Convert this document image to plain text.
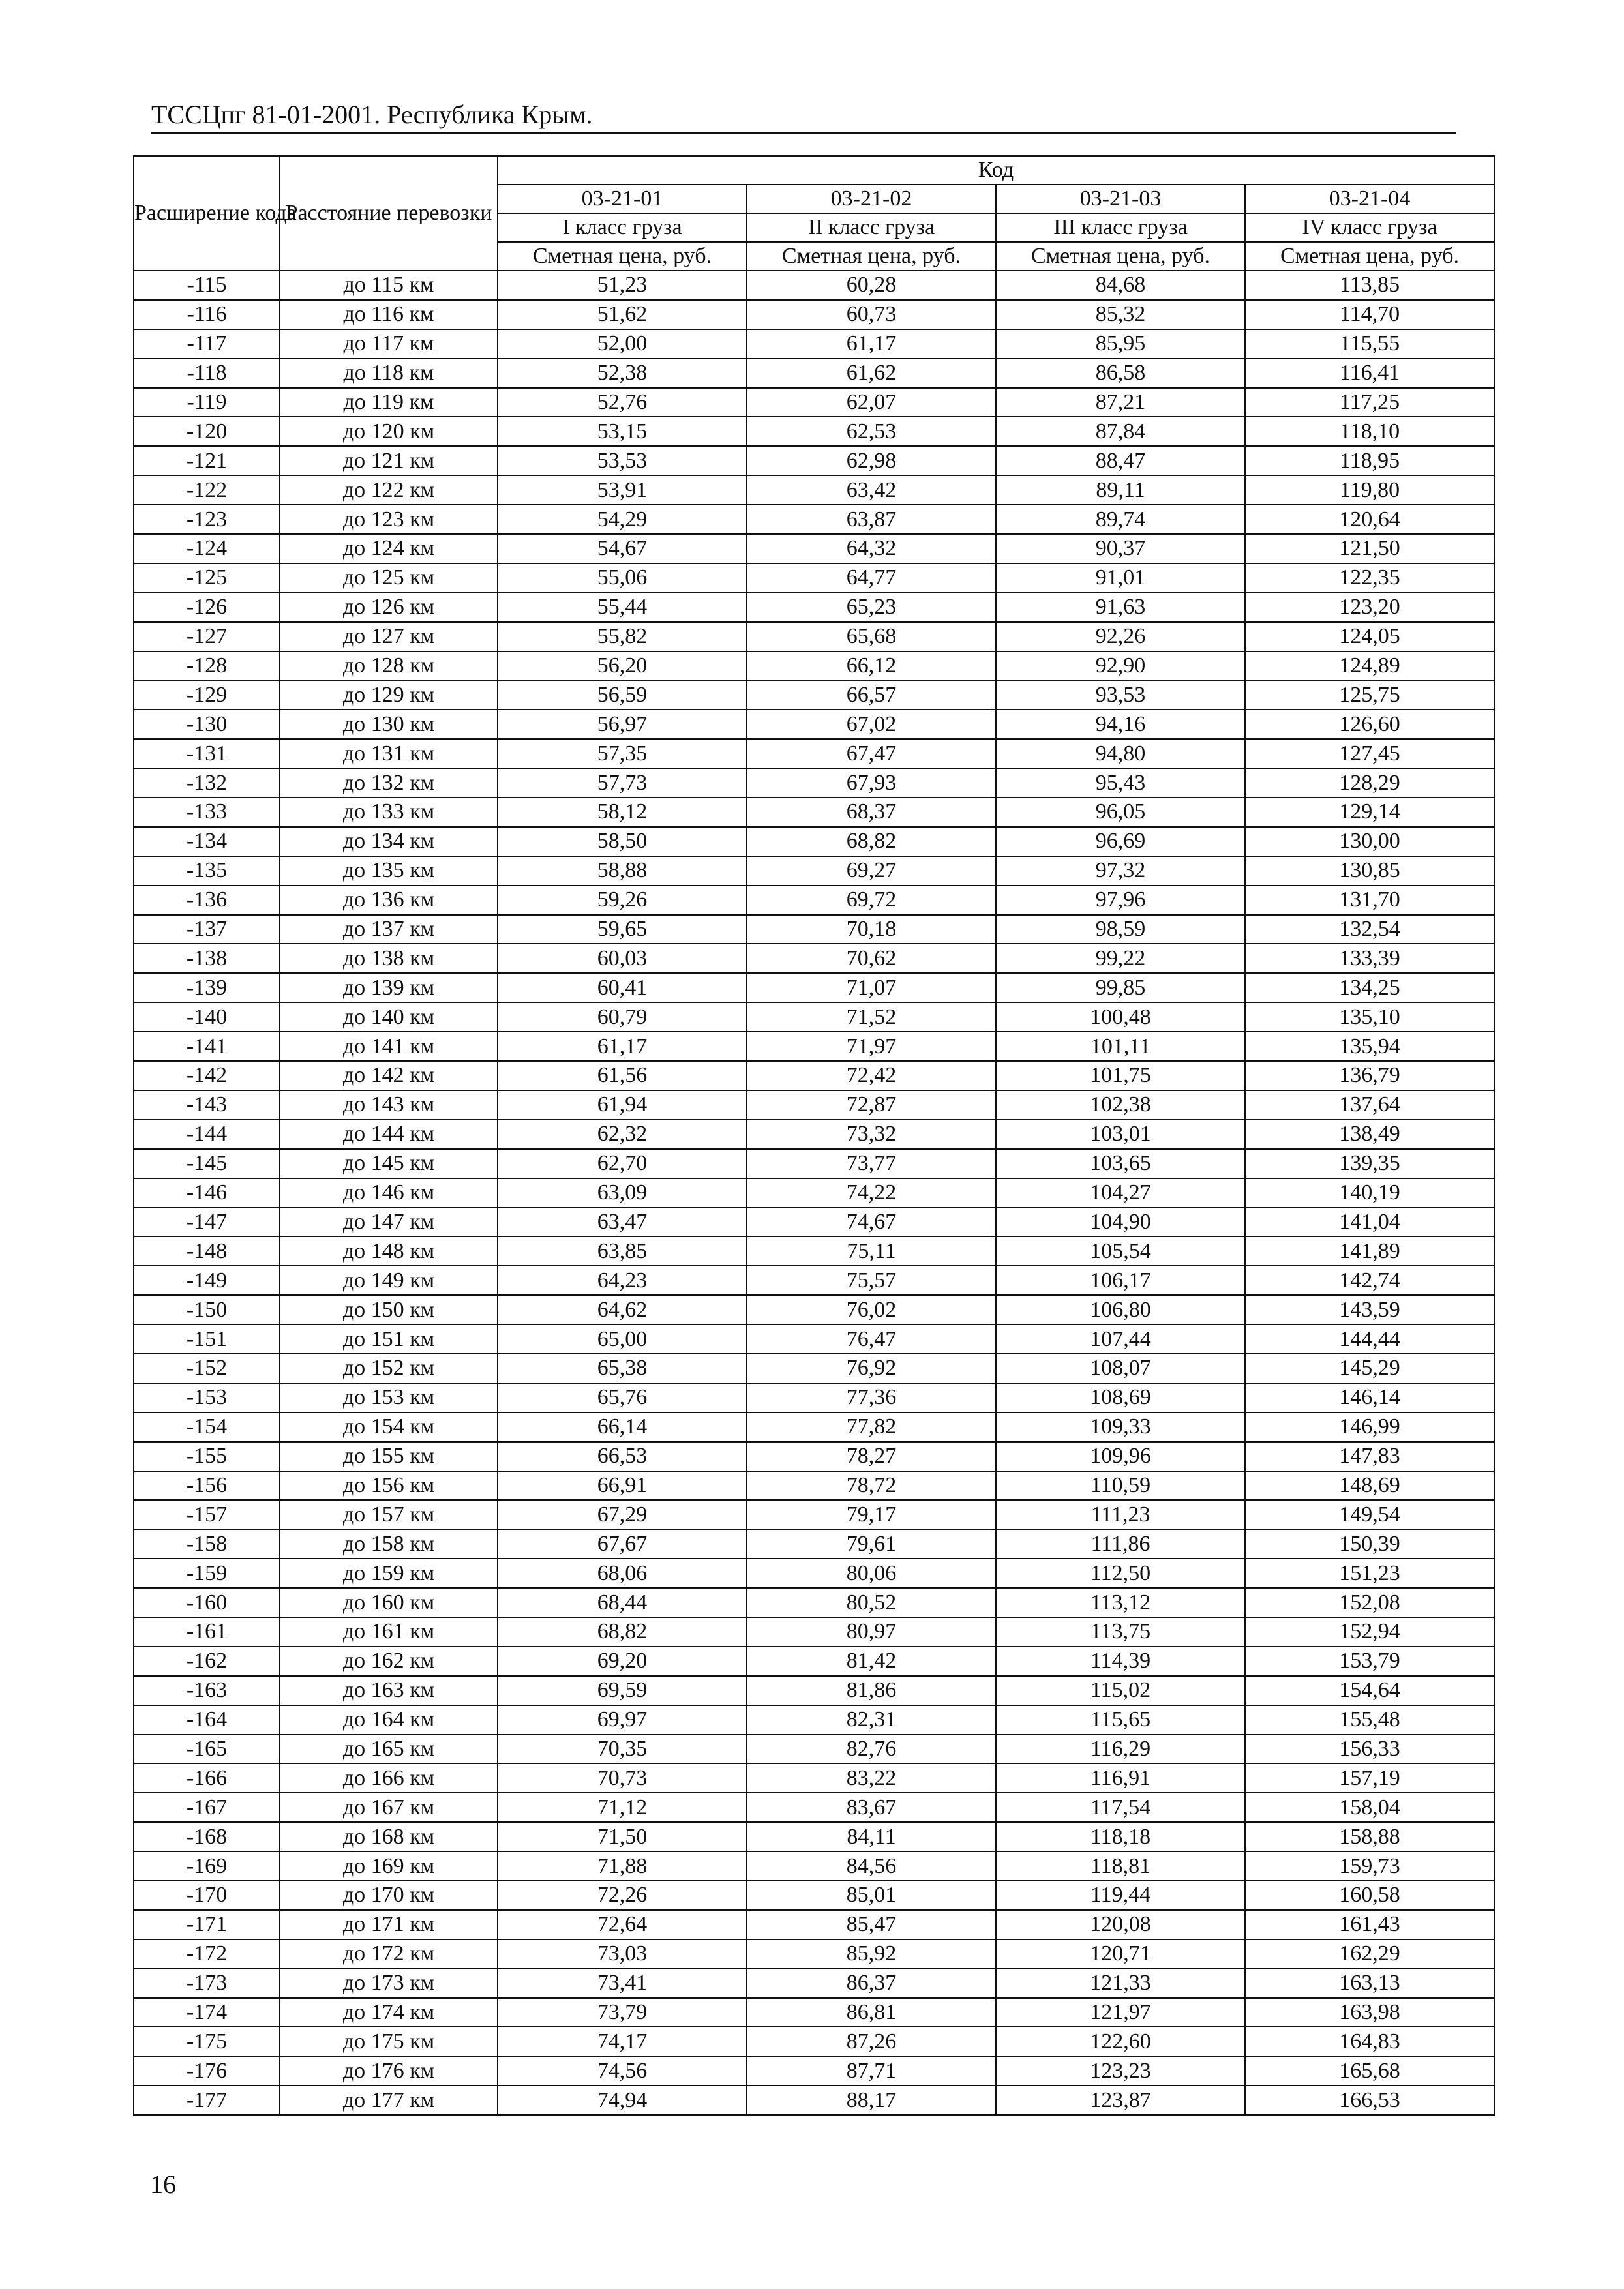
ТССЦпг 81-01-2001. Республика Крым.
Расширение кода	Расстояние перевозки	Код			
		03-21-01	03-21-02	03-21-03	03-21-04
		I класс груза	II класс груза	III класс груза	IV класс груза
		Сметная цена, руб.	Сметная цена, руб.	Сметная цена, руб.	Сметная цена, руб.
-115	до 115 км	51,23	60,28	84,68	113,85
-116	до 116 км	51,62	60,73	85,32	114,70
-117	до 117 км	52,00	61,17	85,95	115,55
-118	до 118 км	52,38	61,62	86,58	116,41
-119	до 119 км	52,76	62,07	87,21	117,25
-120	до 120 км	53,15	62,53	87,84	118,10
-121	до 121 км	53,53	62,98	88,47	118,95
-122	до 122 км	53,91	63,42	89,11	119,80
-123	до 123 км	54,29	63,87	89,74	120,64
-124	до 124 км	54,67	64,32	90,37	121,50
-125	до 125 км	55,06	64,77	91,01	122,35
-126	до 126 км	55,44	65,23	91,63	123,20
-127	до 127 км	55,82	65,68	92,26	124,05
-128	до 128 км	56,20	66,12	92,90	124,89
-129	до 129 км	56,59	66,57	93,53	125,75
-130	до 130 км	56,97	67,02	94,16	126,60
-131	до 131 км	57,35	67,47	94,80	127,45
-132	до 132 км	57,73	67,93	95,43	128,29
-133	до 133 км	58,12	68,37	96,05	129,14
-134	до 134 км	58,50	68,82	96,69	130,00
-135	до 135 км	58,88	69,27	97,32	130,85
-136	до 136 км	59,26	69,72	97,96	131,70
-137	до 137 км	59,65	70,18	98,59	132,54
-138	до 138 км	60,03	70,62	99,22	133,39
-139	до 139 км	60,41	71,07	99,85	134,25
-140	до 140 км	60,79	71,52	100,48	135,10
-141	до 141 км	61,17	71,97	101,11	135,94
-142	до 142 км	61,56	72,42	101,75	136,79
-143	до 143 км	61,94	72,87	102,38	137,64
-144	до 144 км	62,32	73,32	103,01	138,49
-145	до 145 км	62,70	73,77	103,65	139,35
-146	до 146 км	63,09	74,22	104,27	140,19
-147	до 147 км	63,47	74,67	104,90	141,04
-148	до 148 км	63,85	75,11	105,54	141,89
-149	до 149 км	64,23	75,57	106,17	142,74
-150	до 150 км	64,62	76,02	106,80	143,59
-151	до 151 км	65,00	76,47	107,44	144,44
-152	до 152 км	65,38	76,92	108,07	145,29
-153	до 153 км	65,76	77,36	108,69	146,14
-154	до 154 км	66,14	77,82	109,33	146,99
-155	до 155 км	66,53	78,27	109,96	147,83
-156	до 156 км	66,91	78,72	110,59	148,69
-157	до 157 км	67,29	79,17	111,23	149,54
-158	до 158 км	67,67	79,61	111,86	150,39
-159	до 159 км	68,06	80,06	112,50	151,23
-160	до 160 км	68,44	80,52	113,12	152,08
-161	до 161 км	68,82	80,97	113,75	152,94
-162	до 162 км	69,20	81,42	114,39	153,79
-163	до 163 км	69,59	81,86	115,02	154,64
-164	до 164 км	69,97	82,31	115,65	155,48
-165	до 165 км	70,35	82,76	116,29	156,33
-166	до 166 км	70,73	83,22	116,91	157,19
-167	до 167 км	71,12	83,67	117,54	158,04
-168	до 168 км	71,50	84,11	118,18	158,88
-169	до 169 км	71,88	84,56	118,81	159,73
-170	до 170 км	72,26	85,01	119,44	160,58
-171	до 171 км	72,64	85,47	120,08	161,43
-172	до 172 км	73,03	85,92	120,71	162,29
-173	до 173 км	73,41	86,37	121,33	163,13
-174	до 174 км	73,79	86,81	121,97	163,98
-175	до 175 км	74,17	87,26	122,60	164,83
-176	до 176 км	74,56	87,71	123,23	165,68
-177	до 177 км	74,94	88,17	123,87	166,53
16
